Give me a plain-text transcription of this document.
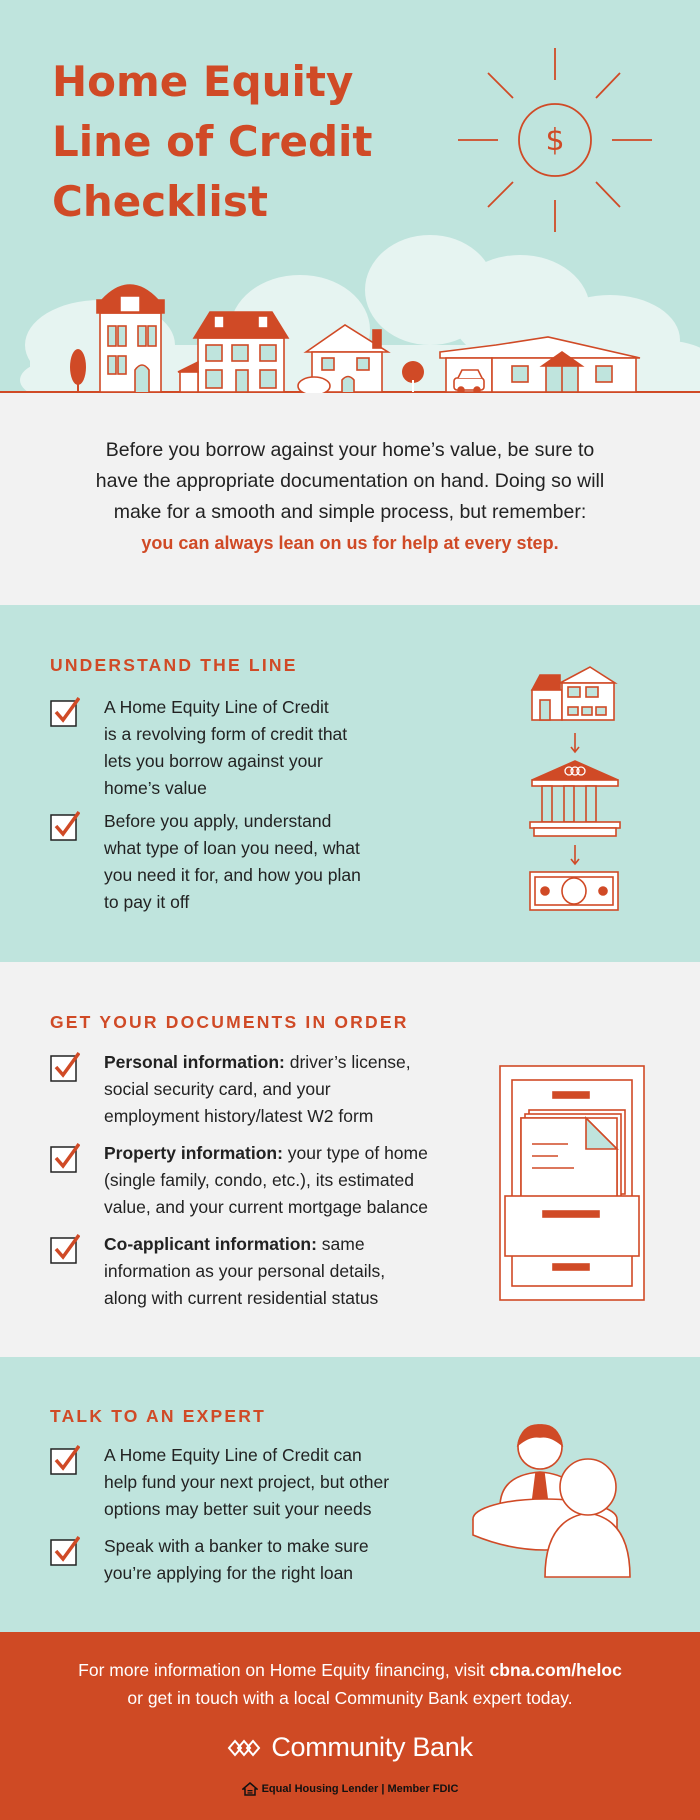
$
Home Equity
Line of Credit
Checklist

Before you borrow against your home’s value, be sure to
have the appropriate documentation on hand. Doing so will
make for a smooth and simple process, but remember:
you can always lean on us for help at every step.

UNDERSTAND THE LINE
A Home Equity Line of Credit
is a revolving form of credit that
lets you borrow against your
home’s value
Before you apply, understand
what type of loan you need, what
you need it for, and how you plan
to pay it off
GET YOUR DOCUMENTS IN ORDER
Personal information: driver’s license,
social security card, and your
employment history/latest W2 form
Property information: your type of home
(single family, condo, etc.), its estimated
value, and your current mortgage balance
Co-applicant information: same
information as your personal details,
along with current residential status
TALK TO AN EXPERT
A Home Equity Line of Credit can
help fund your next project, but other
options may better suit your needs
Speak with a banker to make sure
you’re applying for the right loan
For more information on Home Equity financing, visit cbna.com/heloc
or get in touch with a local Community Bank expert today.
Community Bank
Equal Housing Lender | Member FDIC
